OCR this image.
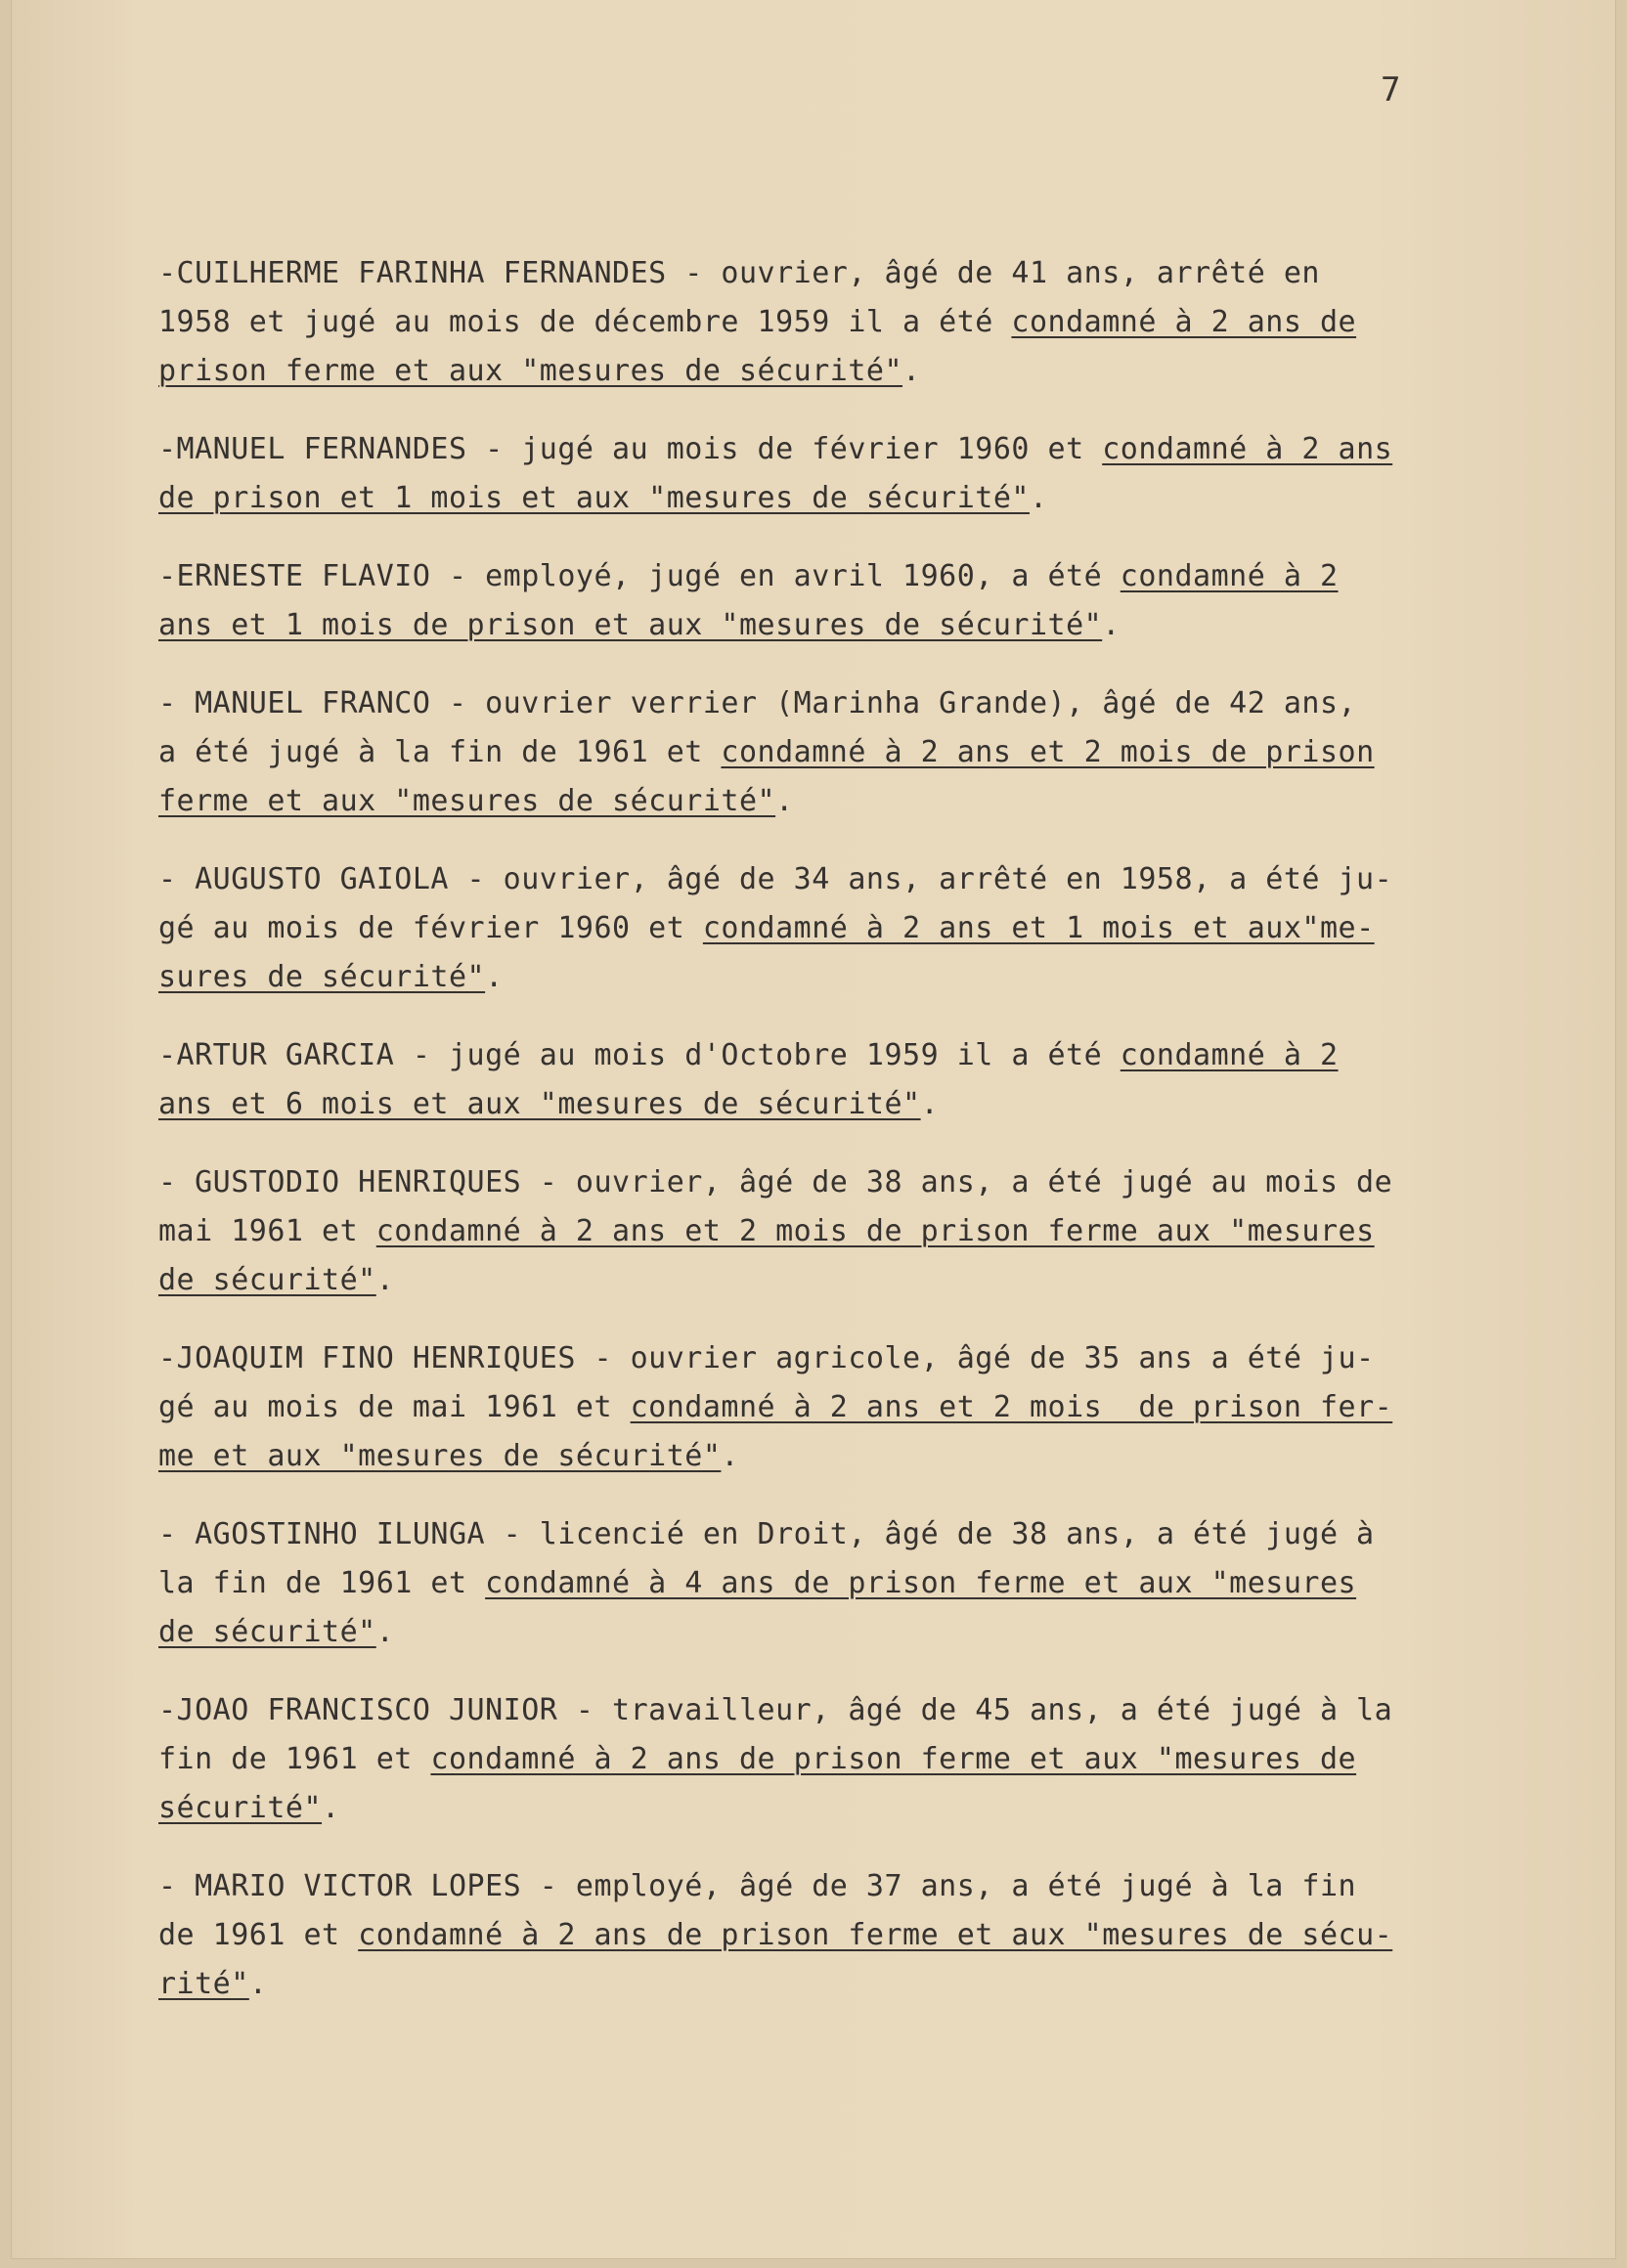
7
-CUILHERME FARINHA FERNANDES - ouvrier, âgé de 41 ans, arrêté en
1958 et jugé au mois de décembre 1959 il a été condamné à 2 ans de
prison ferme et aux "mesures de sécurité".
-MANUEL FERNANDES - jugé au mois de février 1960 et condamné à 2 ans
de prison et 1 mois et aux "mesures de sécurité".
-ERNESTE FLAVIO - employé, jugé en avril 1960, a été condamné à 2
ans et 1 mois de prison et aux "mesures de sécurité".
- MANUEL FRANCO - ouvrier verrier (Marinha Grande), âgé de 42 ans,
a été jugé à la fin de 1961 et condamné à 2 ans et 2 mois de prison
ferme et aux "mesures de sécurité".
- AUGUSTO GAIOLA - ouvrier, âgé de 34 ans, arrêté en 1958, a été ju-
gé au mois de février 1960 et condamné à 2 ans et 1 mois et aux"me-
sures de sécurité".
-ARTUR GARCIA - jugé au mois d'Octobre 1959 il a été condamné à 2
ans et 6 mois et aux "mesures de sécurité".
- GUSTODIO HENRIQUES - ouvrier, âgé de 38 ans, a été jugé au mois de
mai 1961 et condamné à 2 ans et 2 mois de prison ferme aux "mesures
de sécurité".
-JOAQUIM FINO HENRIQUES - ouvrier agricole, âgé de 35 ans a été ju-
gé au mois de mai 1961 et condamné à 2 ans et 2 mois  de prison fer-
me et aux "mesures de sécurité".
- AGOSTINHO ILUNGA - licencié en Droit, âgé de 38 ans, a été jugé à
la fin de 1961 et condamné à 4 ans de prison ferme et aux "mesures
de sécurité".
-JOAO FRANCISCO JUNIOR - travailleur, âgé de 45 ans, a été jugé à la
fin de 1961 et condamné à 2 ans de prison ferme et aux "mesures de
sécurité".
- MARIO VICTOR LOPES - employé, âgé de 37 ans, a été jugé à la fin
de 1961 et condamné à 2 ans de prison ferme et aux "mesures de sécu-
rité".
